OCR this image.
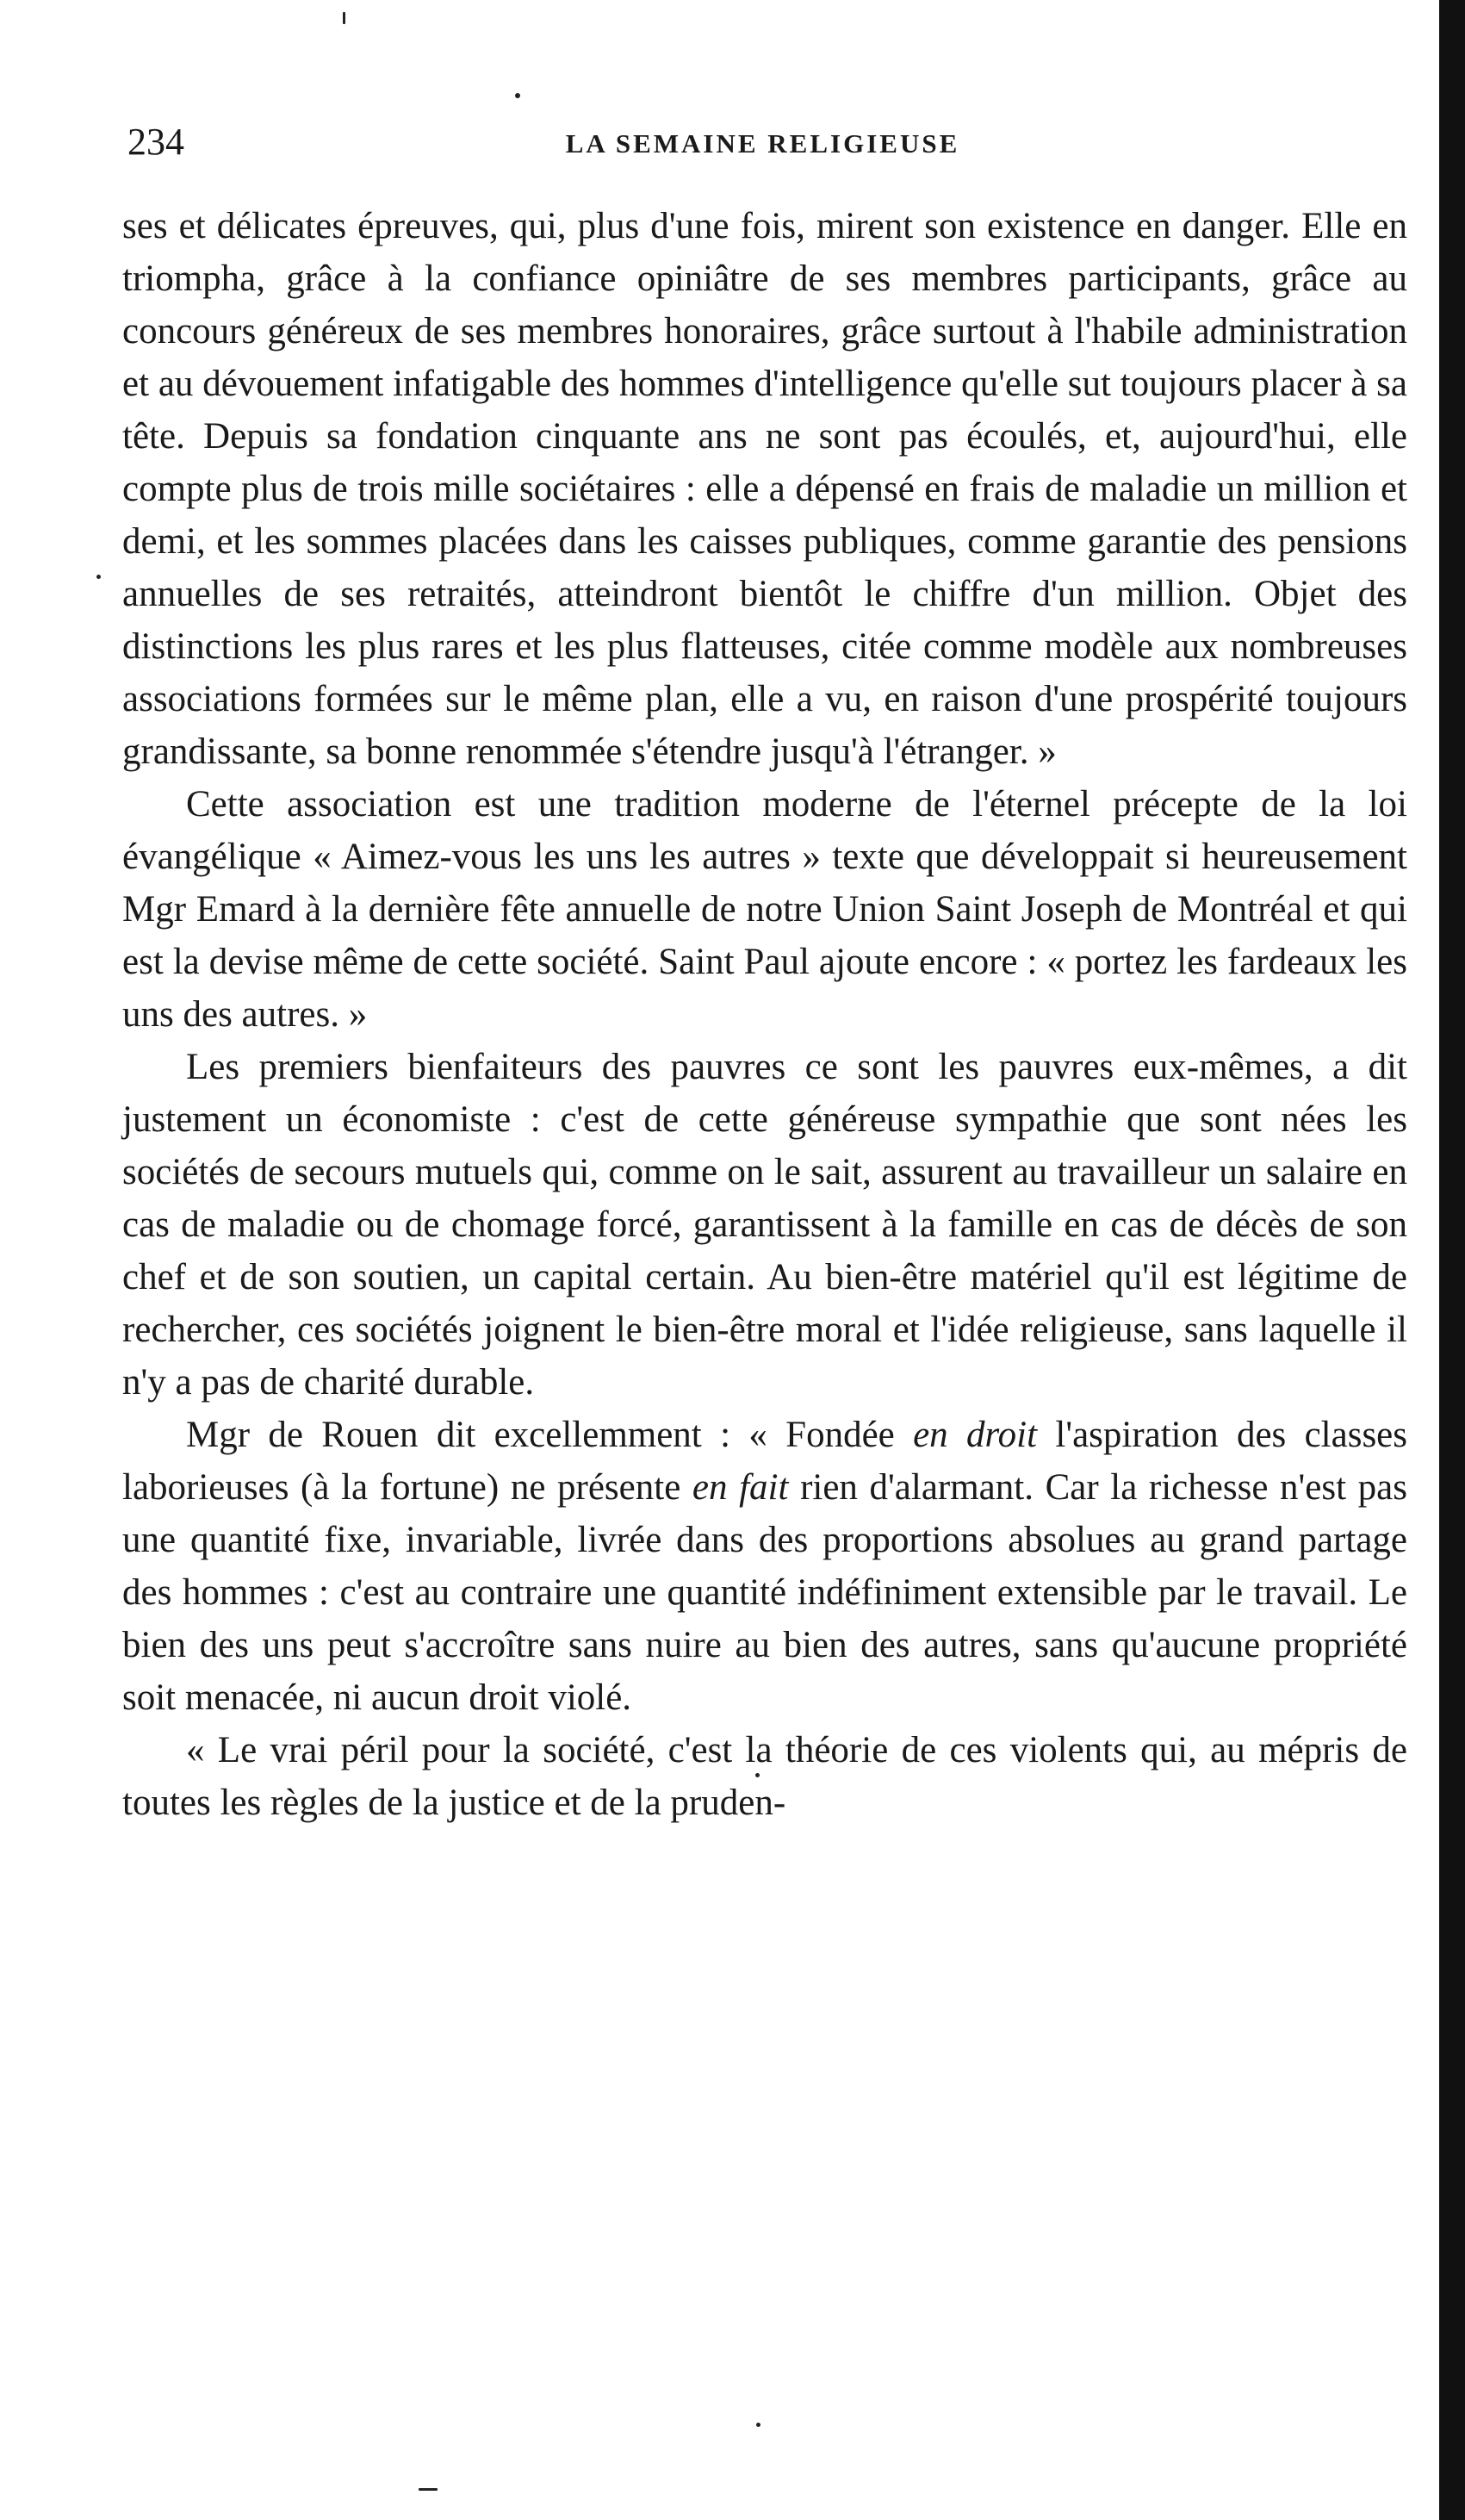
234	LA SEMAINE RELIGIEUSE

ses et délicates épreuves, qui, plus d'une fois, mirent son existence en danger. Elle en triompha, grâce à la confiance opiniâtre de ses membres participants, grâce au concours généreux de ses membres honoraires, grâce surtout à l'habile administration et au dévouement infatigable des hommes d'intelligence qu'elle sut toujours placer à sa tête. Depuis sa fondation cinquante ans ne sont pas écoulés, et, aujourd'hui, elle compte plus de trois mille sociétaires : elle a dépensé en frais de maladie un million et demi, et les sommes placées dans les caisses publiques, comme garantie des pensions annuelles de ses retraités, atteindront bientôt le chiffre d'un million. Objet des distinctions les plus rares et les plus flatteuses, citée comme modèle aux nombreuses associations formées sur le même plan, elle a vu, en raison d'une prospérité toujours grandissante, sa bonne renommée s'étendre jusqu'à l'étranger. »

Cette association est une tradition moderne de l'éternel précepte de la loi évangélique « Aimez-vous les uns les autres » texte que développait si heureusement Mgr Emard à la dernière fête annuelle de notre Union Saint Joseph de Montréal et qui est la devise même de cette société. Saint Paul ajoute encore : « portez les fardeaux les uns des autres. »

Les premiers bienfaiteurs des pauvres ce sont les pauvres eux-mêmes, a dit justement un économiste : c'est de cette généreuse sympathie que sont nées les sociétés de secours mutuels qui, comme on le sait, assurent au travailleur un salaire en cas de maladie ou de chomage forcé, garantissent à la famille en cas de décès de son chef et de son soutien, un capital certain. Au bien-être matériel qu'il est légitime de rechercher, ces sociétés joignent le bien-être moral et l'idée religieuse, sans laquelle il n'y a pas de charité durable.

Mgr de Rouen dit excellemment : « Fondée en droit l'aspiration des classes laborieuses (à la fortune) ne présente en fait rien d'alarmant. Car la richesse n'est pas une quantité fixe, invariable, livrée dans des proportions absolues au grand partage des hommes : c'est au contraire une quantité indéfiniment extensible par le travail. Le bien des uns peut s'accroître sans nuire au bien des autres, sans qu'aucune propriété soit menacée, ni aucun droit violé.

« Le vrai péril pour la société, c'est la théorie de ces violents qui, au mépris de toutes les règles de la justice et de la pruden-
